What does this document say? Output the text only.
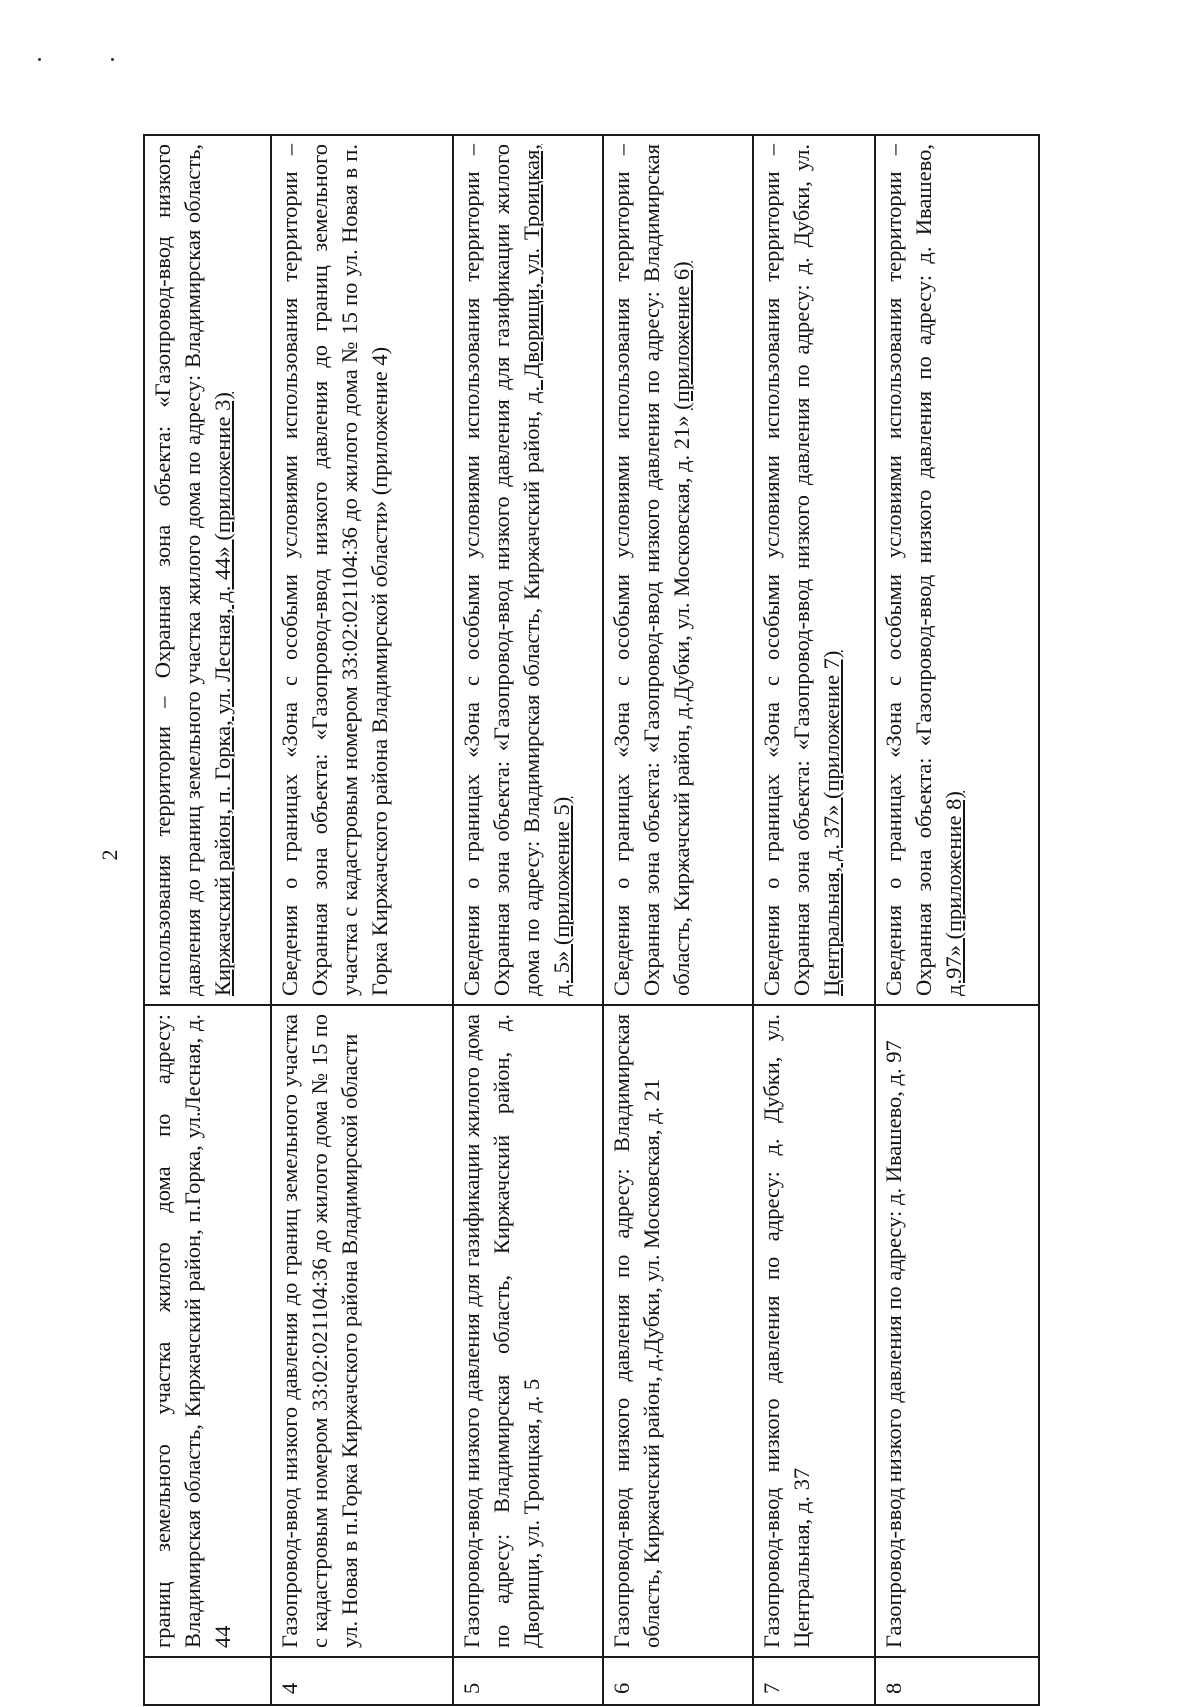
2
	границ земельного участка жилого дома по адресу: Владимирская область, Киржачский район, п.Горка, ул.Лесная, д. 44	использования территории – Охранная зона объекта: «Газопровод-ввод низкого давления до границ земельного участка жилого дома по адресу: Владимирская область, Киржачский район, п. Горка, ул. Лесная, д. 44» (приложение 3)
4	Газопровод-ввод низкого давления до границ земельного участка с кадастровым номером 33:02:021104:36 до жилого дома № 15 по ул. Новая в п.Горка Киржачского района Владимирской области	Сведения о границах «Зона с особыми условиями использования территории – Охранная зона объекта: «Газопровод-ввод низкого давления до границ земельного участка с кадастровым номером 33:02:021104:36 до жилого дома № 15 по ул. Новая в п. Горка Киржачского района Владимирской области» (приложение 4)
5	Газопровод-ввод низкого давления для газификации жилого дома по адресу: Владимирская область, Киржачский район, д. Дворищи, ул. Троицкая, д. 5	Сведения о границах «Зона с особыми условиями использования территории – Охранная зона объекта: «Газопровод-ввод низкого давления для газификации жилого дома по адресу: Владимирская область, Киржачский район, д. Дворищи, ул. Троицкая, д. 5» (приложение 5)
6	Газопровод-ввод низкого давления по адресу: Владимирская область, Киржачский район, д.Дубки, ул. Московская, д. 21	Сведения о границах «Зона с особыми условиями использования территории – Охранная зона объекта: «Газопровод-ввод низкого давления по адресу: Владимирская область, Киржачский район, д.Дубки, ул. Московская, д. 21» (приложение 6)
7	Газопровод-ввод низкого давления по адресу: д. Дубки, ул. Центральная, д. 37	Сведения о границах «Зона с особыми условиями использования территории – Охранная зона объекта: «Газопровод-ввод низкого давления по адресу: д. Дубки, ул. Центральная, д. 37» (приложение 7)
8	Газопровод-ввод низкого давления по адресу: д. Ивашево, д. 97	Сведения о границах «Зона с особыми условиями использования территории – Охранная зона объекта: «Газопровод-ввод низкого давления по адресу: д. Ивашево, д.97» (приложение 8)
